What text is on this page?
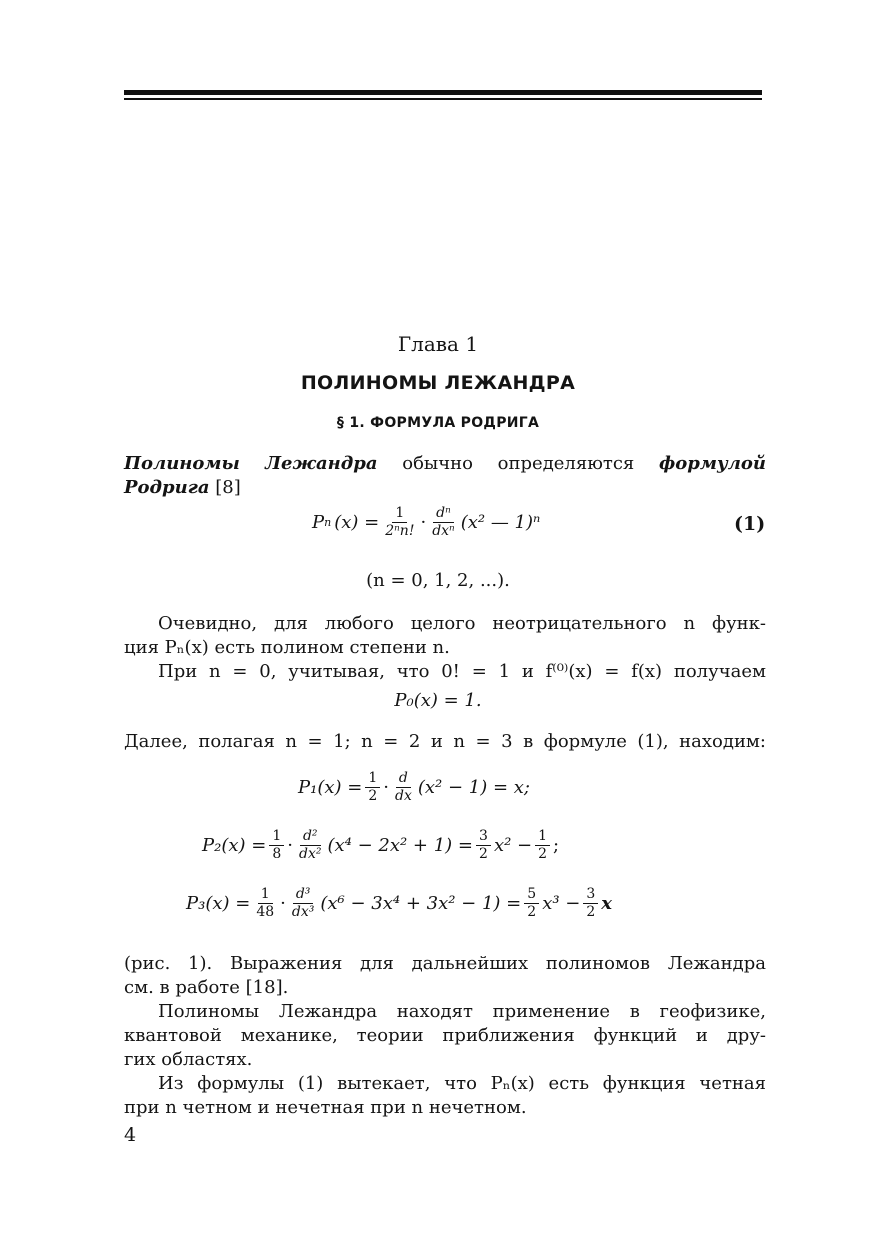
Глава 1
ПОЛИНОМЫ ЛЕЖАНДРА
§ 1. ФОРМУЛА РОДРИГА
Полиномы Лежандра обычно определяются формулой
Родрига [8]
P n $(x) = \frac{1}{\text{2ⁿn!}} \cdot \frac{\text{dⁿ}}{\text{dxⁿ}} (x^2$ — 1)ⁿ	(1)
(n = 0, 1, 2, ...).
Очевидно, для любого целого неотрицательного n функ-
ция Pₙ(x) есть полином степени n.
При n = 0, учитывая, что 0! = 1 и f⁽⁰⁾(x) = f(x) получаем
P₀(x) = 1.
Далее, полагая n = 1; n = 2 и n = 3 в формуле (1), находим:
$P_1(x) = \frac{1}{2} \cdot \frac{d}{dx} (x^2 - 1) = x$;
$P_2(x) = \frac{1}{8} \cdot \frac{\text{d²}}{\text{dx²}} (x^4 - 2x^2 + 1) = \frac{3}{2} x^2 - \frac{1}{2}$ ;
$P_3(x) = \frac{1}{48} \cdot \frac{\text{d³}}{\text{dx³}} (x^6 - 3x^4 + 3x^2 - 1) = \frac{5}{2} x^3 - \frac{3}{2}$ x
(рис. 1). Выражения для дальнейших полиномов Лежандра
см. в работе [18].
Полиномы Лежандра находят применение в геофизике,
квантовой механике, теории приближения функций и дру-
гих областях.
Из формулы (1) вытекает, что Pₙ(x) есть функция четная
при n четном и нечетная при n нечетном.
4
